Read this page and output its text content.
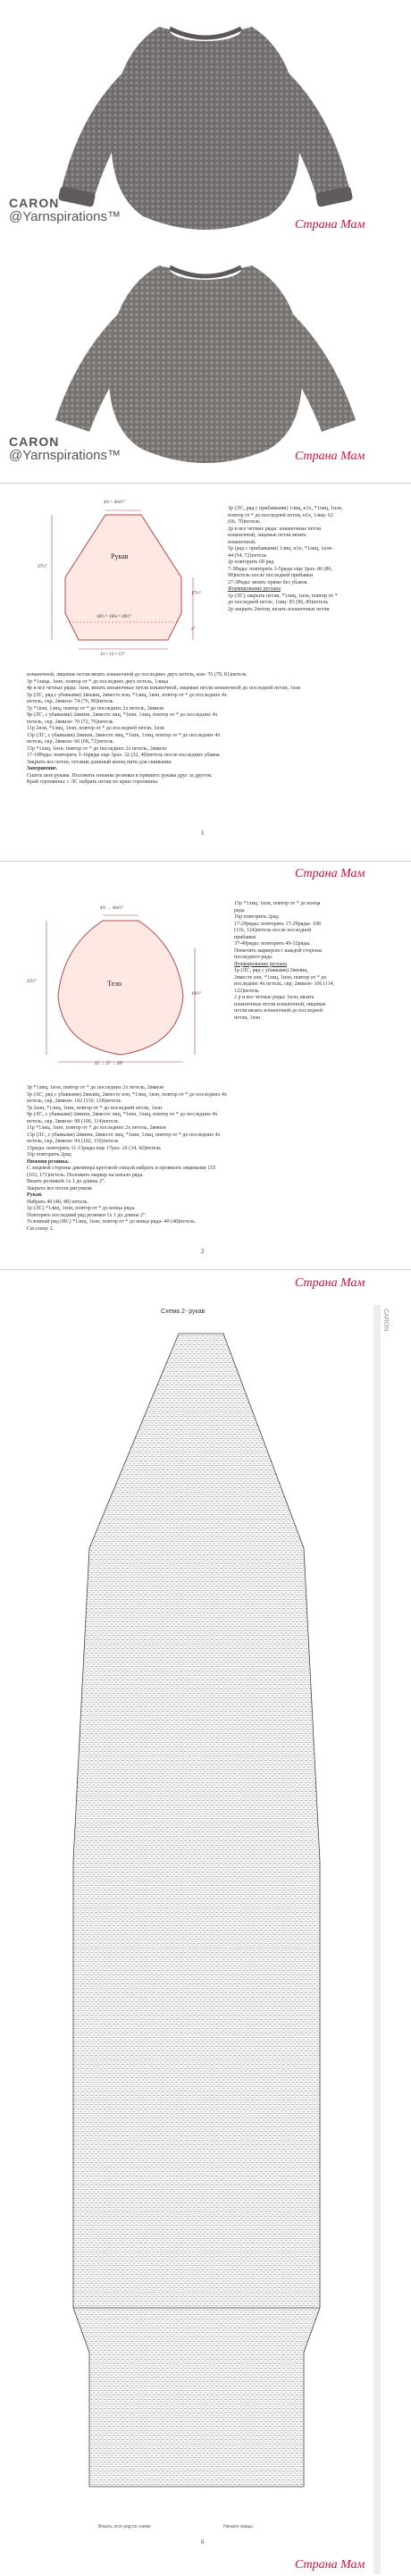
CARON
@Yarnspirations™
Страна Мам
CARON
@Yarnspirations™	Страна Мам
Рукав
4½ = 4¾½”
27½”
17½”
16½ = 16¾ = 20½”
2”
13 = 13 = 13”

3р (ЛС, ряд с прибавками) 1лиц, н1х, *1лиц, 1изн,

повтор от * до последней петли, н1х, 1лиц- 62

(66, 70)петель

2р и все четные ряды: изнаночные петли

изнаночной, лицевые петли вязать

изнаночной.

5р (ряд с прибавками) 1лиц, н1х, *1лиц, 1изн-

44 (54, 72)петель

2р повторить 68 ряд

7-3Ряды: повторить 3-5ряды еще 3раз- 86 (86,

90)петель после последней прибавки

27-3Ряды: вязать прямо без убавок.

Формирование реглана

1р (ЛС) закрыть петли, *1лиц, 1изн, повтор от *

до последней петле, 1лиц- 83 (86, 89)петель

2р закрыть 2петли, везать изнаночные петли

изнаночной, лицевые петли вязать изнаночной до последних двух петель, изн- 76 (79, 81)петель

3р *1лица, 1изн, повтор от * до последних двух петель, 1лица

4р и все четные ряды: 1изн, вязать изнаночные петли изнаночной, лицевые петли изнаночной до последней петли, 1изн

5р (ЛС, ряд с убавками) 2вмлиц, 2вместе изн, *1лиц, 1изн, повтор от * до последних 4х

петель, скр, 2вмизн- 74 (76, 80)петель

7р *1изн, 1лиц, повтор от * до последних 2х петель, 2вмизн

9р (ЛС, с убавками) 2вмизн, 2вместе лиц, *1изн, 1лиц, повтор от * до последних 4х

петель, скр, 2вмизн- 70 (72, 76)петель

11р 2изн, *1лиц, 1изн, повтор от * до последней петли, 1изн

13р (ЛС, с убавками) 2вмизн, 2вместе лиц, *1изн, 1лиц, повтор от * до последних 4х

петель, скр, 2вмизн- 66 (68, 72)петель

15р *1лиц, 1изн, повтор от * до последних 2х петель, 2вмизн

17-19Ряды: повторить 5-16ряды еще 3раз- 32 (32, 40)петель после последних убавок

Закрыть все петли, оставив длинный конец нити для сшивания.

Завершение.

Сшить шов рукава. Положить изнанке резинки и пришить рукава друг за другом.

Край горловины: с ЛС набрать петли по краю горловины.

1
Страна Мам
Тело
4½ → 4¾½”
25½”
19½”
25 → 27 → 29”

15р *1лиц, 1изн, повтор от * до конца

ряда

16р повторить 2ряд

17-29ряды: повторить 17-29ряды- 108

(116, 124)петель после последней

прибавки

37-49ряды: повторить 49-32ряды.

Пометить маркером с каждой стороны

последнего ряда.

Формирование реглана

1р (ЛС, ряд с убавками) 2вмлиц,

2вместе изн, *1лиц, 1изн, повтор от * до

последних 4х петель, скр, 2вмизн- 106 (114,

122)петель

2 р и все четные ряды: 1изн, вязать

изнаночные петли изнаночной, лицевые

петли вязать изнаночной до последней

петли, 1изн

3р *1лиц, 1изн, повтор от * до последних 2х петель, 2вмизн

5р (ЛС, ряд с убавками) 2вмлиц, 2вместе изн, *1лиц, 1изн, повтор от * до последних 4х

петель, скр, 2вмизн- 102 (110, 118)петель

7р 2изн, *1лиц, 1изн, повтор от * до последней петли, 1изн

9р (ЛС, с убавками) 2вмизн, 2вместе лиц, *1изн, 1лиц, повтор от * до последних 4х

петель, скр, 2вмизн- 98 (106, 114)петель

11р *1лиц, 1изн, повтор от * до последних 2х петель, 2вмизн

13р (ЛС, с убавками) 2вмизн, 2вместе лиц, *1изн, 1лиц, повтор от * до последних 4х

петель, скр, 2вмизн- 94 (102, 110)петель

15ряды: повторить 11-13ряды еще 17раз- 26 (34, 42)петель

16р повторить 2ряд

Нижняя резинка.

С лицевой стороны джемпера круговой спицой набрать и провязать лицевыми 155

(163, 171)петель. Положить маркер на начало ряда.

Вязать резинкой 1х 1 до длины 2”.

Закрыть все петли рисунком.

Рукав.

Набрать 40 (40, 48) петель.

1р (ЛС) *1лиц, 1изн, повтор от * до конца ряда.

Повторять последний ряд резинки 1х 1 до длины 2”.

Условный ряд (ИС) *1лиц, 1изн, повтор от * до конца ряда- 40 (48)петель.

См схему 2.

2
Страна Мам
Схема 2- рукав	CARON
Вязать этот ряд по схеме	Начало скицы
6
Страна Мам
